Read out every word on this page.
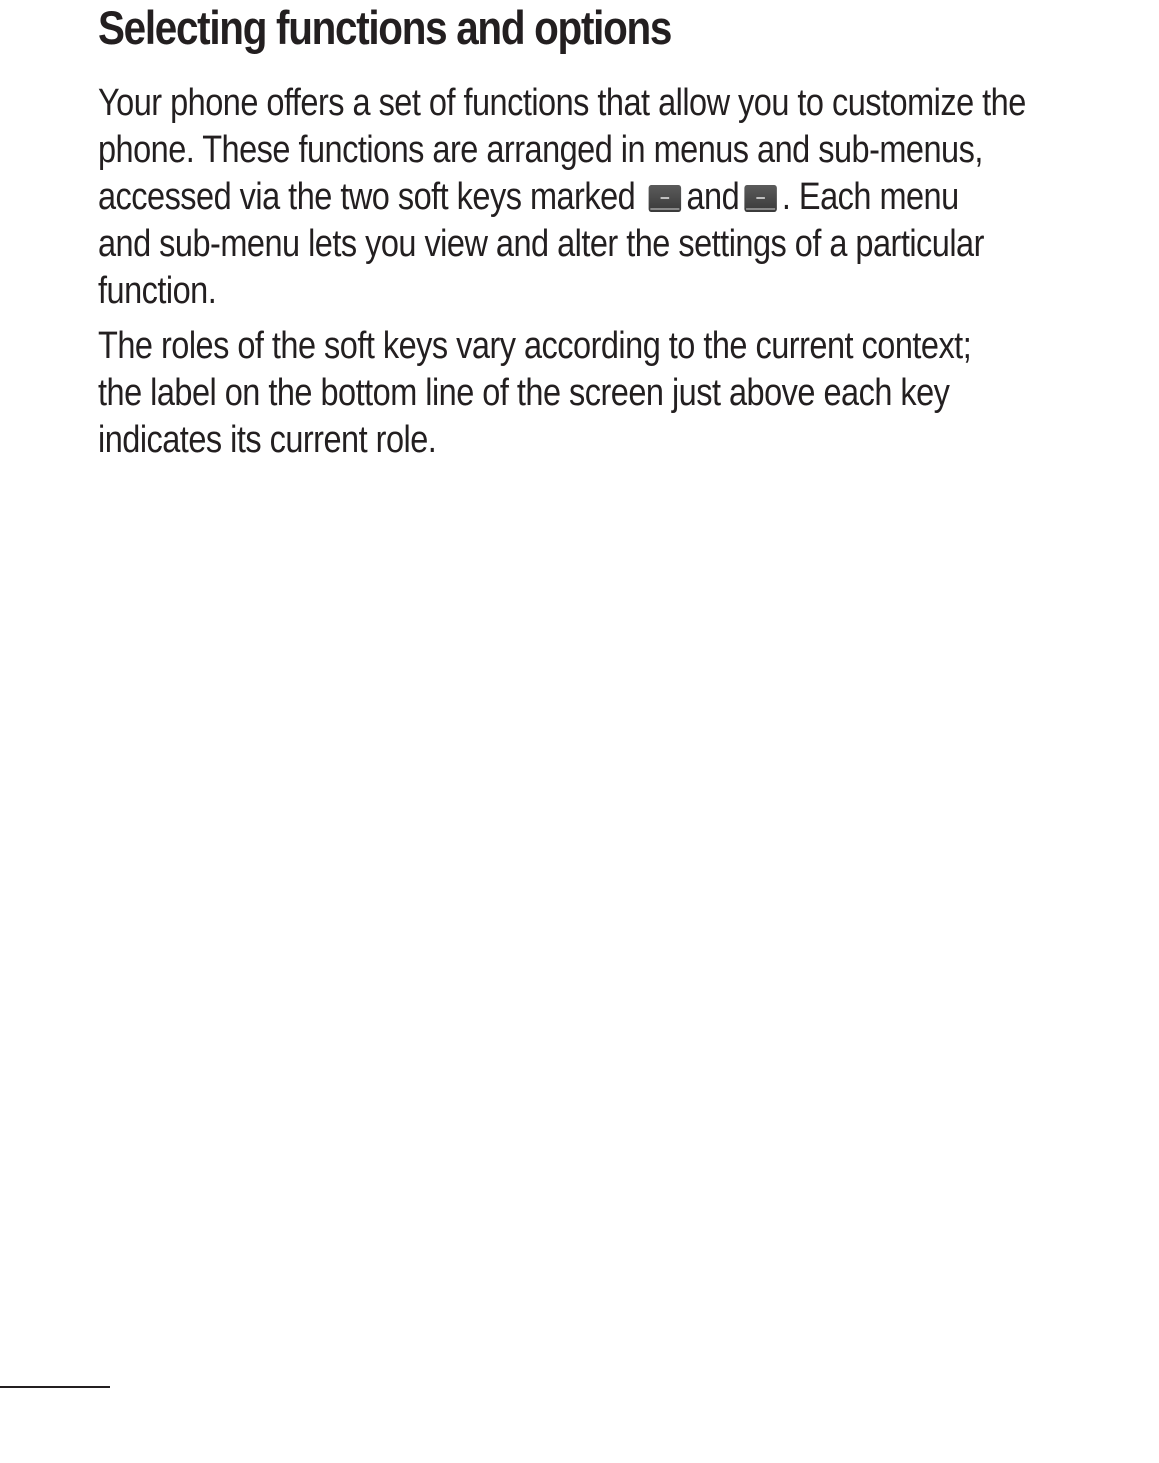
Selecting functions and options

Your phone offers a set of functions that allow you to customize the
phone. These functions are arranged in menus and sub-menus,
accessed via the two soft keys marked and . Each menu
and sub-menu lets you view and alter the settings of a particular
function.

The roles of the soft keys vary according to the current context;
the label on the bottom line of the screen just above each key
indicates its current role.
